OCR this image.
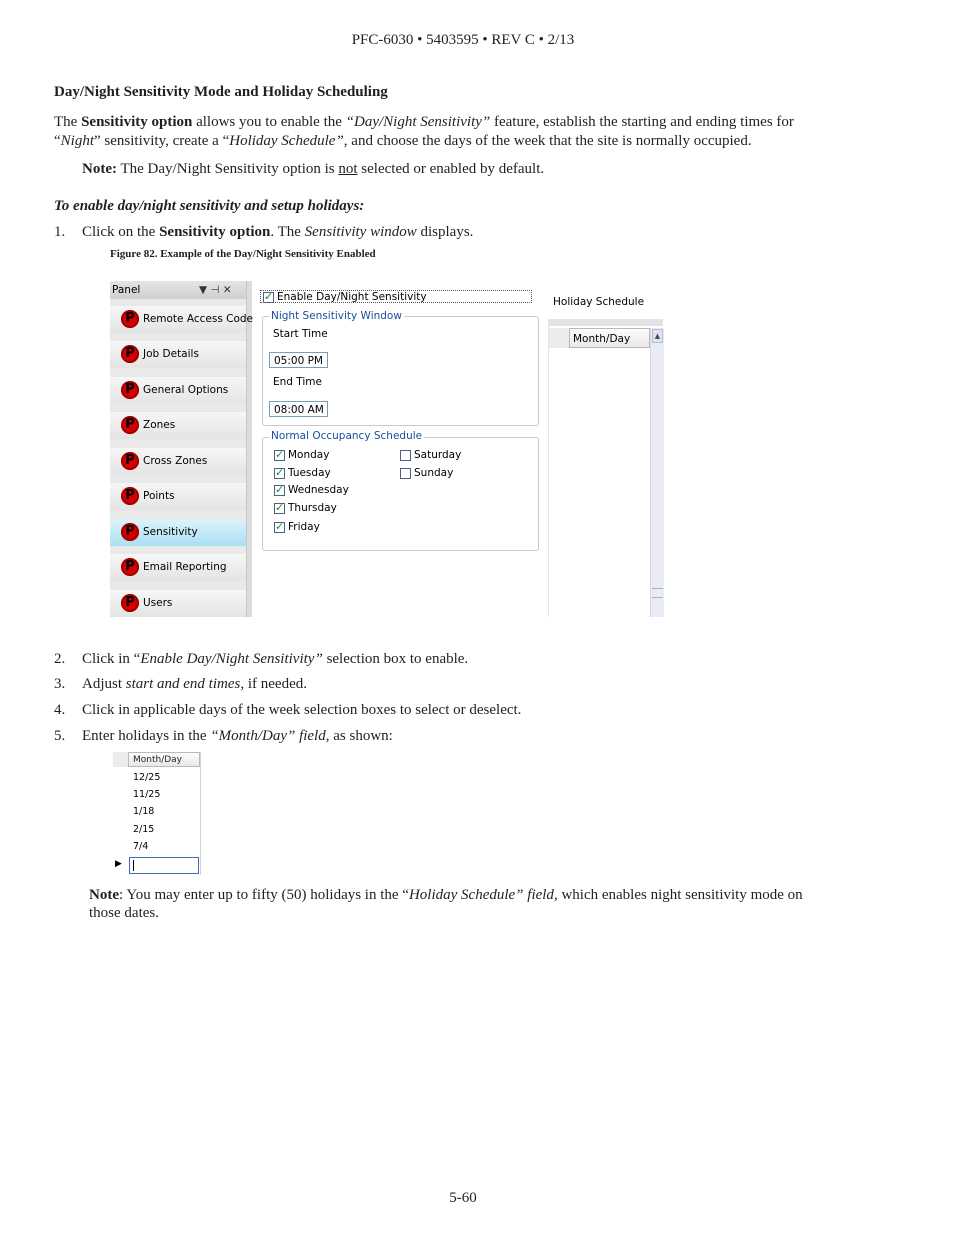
PFC-6030 • 5403595 • REV C • 2/13
Day/Night Sensitivity Mode and Holiday Scheduling
The Sensitivity option allows you to enable the “Day/Night Sensitivity” feature, establish the starting and ending times for
“Night” sensitivity, create a “Holiday Schedule”, and choose the days of the week that the site is normally occupied.
Note: The Day/Night Sensitivity option is not selected or enabled by default.
To enable day/night sensitivity and setup holidays:
1. Click on the Sensitivity option. The Sensitivity window displays.
Figure 82. Example of the Day/Night Sensitivity Enabled
Panel	▼ ⊣ ✕
P Remote Access Code
P Job Details
P General Options
P Zones
P Cross Zones
P Points
P Sensitivity
P Email Reporting
P Users
✓
Enable Day/Night Sensitivity
Night Sensitivity Window
Start Time
05:00 PM
End Time
08:00 AM
Normal Occupancy Schedule
✓
Monday
✓
Tuesday
✓
Wednesday
✓
Thursday
✓
Friday
Saturday
Sunday
Holiday Schedule
Month/Day	▲
2. Click in “Enable Day/Night Sensitivity” selection box to enable.
3. Adjust start and end times, if needed.
4. Click in applicable days of the week selection boxes to select or deselect.
5. Enter holidays in the “Month/Day” field, as shown:
Month/Day
12/25
11/25
1/18
2/15
7/4
▶
Note: You may enter up to fifty (50) holidays in the “Holiday Schedule” field, which enables night sensitivity mode on
those dates.
5-60
